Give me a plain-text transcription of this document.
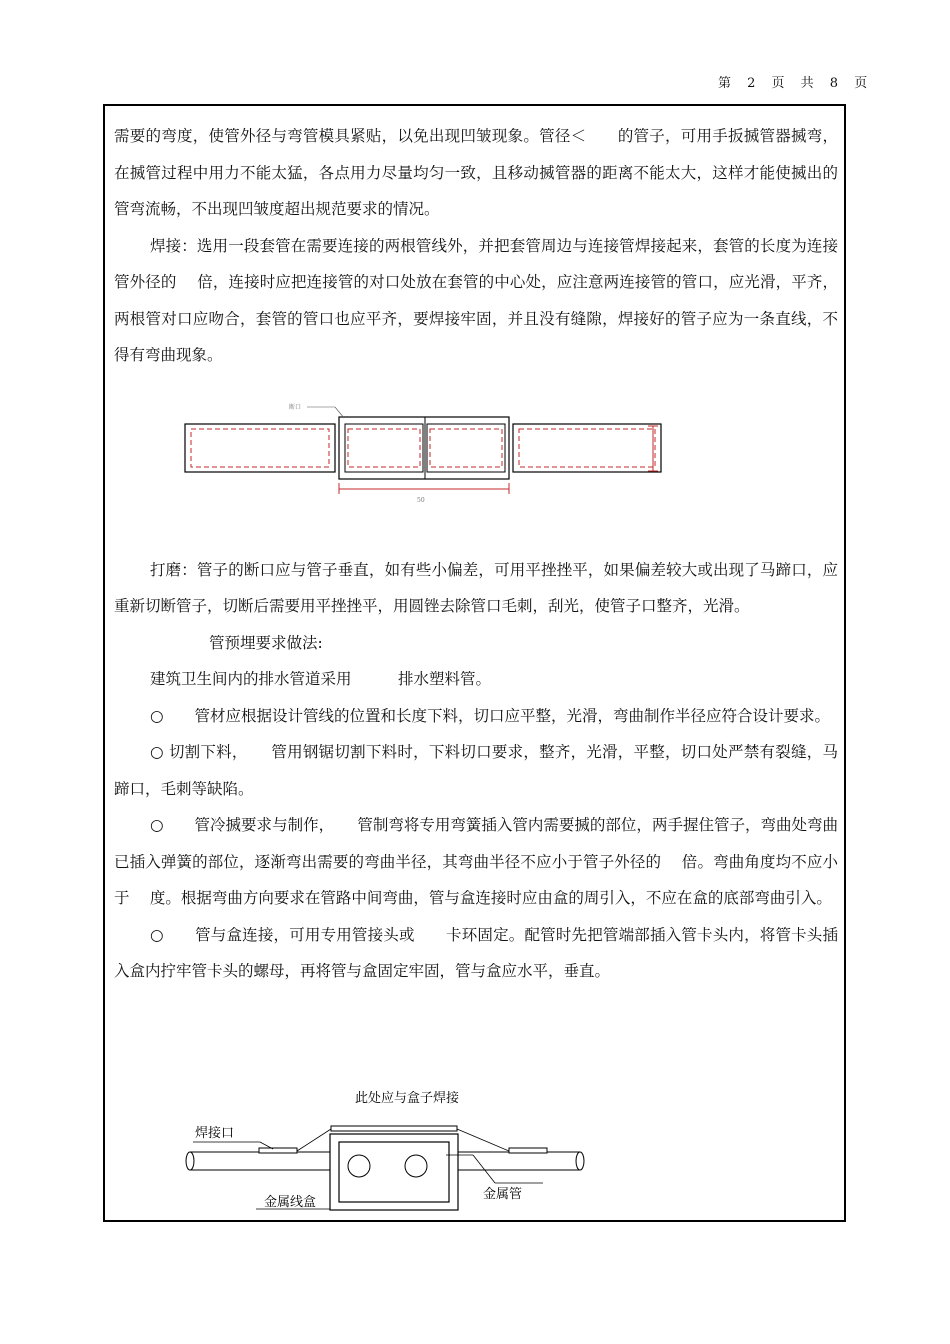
第 2 页 共 8 页

需要的弯度，使管外径与弯管模具紧贴，以免出现凹皱现象。管径＜　　的管子，可用手扳搣管器搣弯，在搣管过程中用力不能太猛，各点用力尽量均匀一致，且移动搣管器的距离不能太大，这样才能使搣出的管弯流畅，不出现凹皱度超出规范要求的情况。

焊接：选用一段套管在需要连接的两根管线外，并把套管周边与连接管焊接起来，套管的长度为连接管外径的　 倍，连接时应把连接管的对口处放在套管的中心处，应注意两连接管的管口，应光滑，平齐，两根管对口应吻合，套管的管口也应平齐，要焊接牢固，并且没有缝隙，焊接好的管子应为一条直线，不得有弯曲现象。

打磨：管子的断口应与管子垂直，如有些小偏差，可用平挫挫平，如果偏差较大或出现了马蹄口，应重新切断管子，切断后需要用平挫挫平，用圆锉去除管口毛刺，刮光，使管子口整齐，光滑。

管预埋要求做法:

建筑卫生间内的排水管道采用　　　排水塑料管。

○　　管材应根据设计管线的位置和长度下料，切口应平整，光滑，弯曲制作半径应符合设计要求。

○ 切割下料，　　管用钢锯切割下料时，下料切口要求，整齐，光滑，平整，切口处严禁有裂缝，马蹄口，毛刺等缺陷。

○　　管冷搣要求与制作，　　管制弯将专用弯簧插入管内需要搣的部位，两手握住管子，弯曲处弯曲已插入弹簧的部位，逐渐弯出需要的弯曲半径，其弯曲半径不应小于管子外径的　 倍。弯曲角度均不应小于　 度。根据弯曲方向要求在管路中间弯曲，管与盒连接时应由盒的周引入，不应在盒的底部弯曲引入。

○　　管与盒连接，可用专用管接头或　　卡环固定。配管时先把管端部插入管卡头内，将管卡头插入盒内拧牢管卡头的螺母，再将管与盒固定牢固，管与盒应水平，垂直。

断口
50
此处应与盒子焊接
焊接口
金属线盒
金属管
